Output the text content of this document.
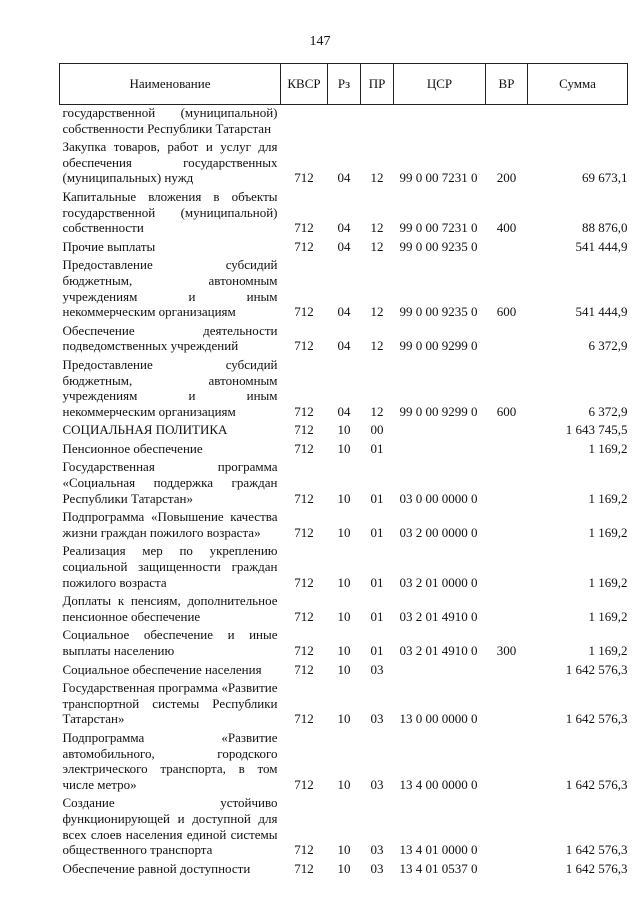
147
Наименование	КВСР	Рз	ПР	ЦСР	ВР	Сумма
государственной (муниципальной) собственности Республики Татарстан						
Закупка товаров, работ и услуг для обеспечения государственных (муниципальных) нужд	712	04	12	99 0 00 7231 0	200	69 673,1
Капитальные вложения в объекты государственной (муниципальной) собственности	712	04	12	99 0 00 7231 0	400	88 876,0
Прочие выплаты	712	04	12	99 0 00 9235 0		541 444,9
Предоставление субсидий бюджетным, автономным учреждениям и иным некоммерческим организациям	712	04	12	99 0 00 9235 0	600	541 444,9
Обеспечение деятельности подведомственных учреждений	712	04	12	99 0 00 9299 0		6 372,9
Предоставление субсидий бюджетным, автономным учреждениям и иным некоммерческим организациям	712	04	12	99 0 00 9299 0	600	6 372,9
СОЦИАЛЬНАЯ ПОЛИТИКА	712	10	00			1 643 745,5
Пенсионное обеспечение	712	10	01			1 169,2
Государственная программа «Социальная поддержка граждан Республики Татарстан»	712	10	01	03 0 00 0000 0		1 169,2
Подпрограмма «Повышение качества жизни граждан пожилого возраста»	712	10	01	03 2 00 0000 0		1 169,2
Реализация мер по укреплению социальной защищенности граждан пожилого возраста	712	10	01	03 2 01 0000 0		1 169,2
Доплаты к пенсиям, дополнительное пенсионное обеспечение	712	10	01	03 2 01 4910 0		1 169,2
Социальное обеспечение и иные выплаты населению	712	10	01	03 2 01 4910 0	300	1 169,2
Социальное обеспечение населения	712	10	03			1 642 576,3
Государственная программа «Развитие транспортной системы Республики Татарстан»	712	10	03	13 0 00 0000 0		1 642 576,3
Подпрограмма «Развитие автомобильного, городского электрического транспорта, в том числе метро»	712	10	03	13 4 00 0000 0		1 642 576,3
Создание устойчиво функционирующей и доступной для всех слоев населения единой системы общественного транспорта	712	10	03	13 4 01 0000 0		1 642 576,3
Обеспечение равной доступности	712	10	03	13 4 01 0537 0		1 642 576,3
